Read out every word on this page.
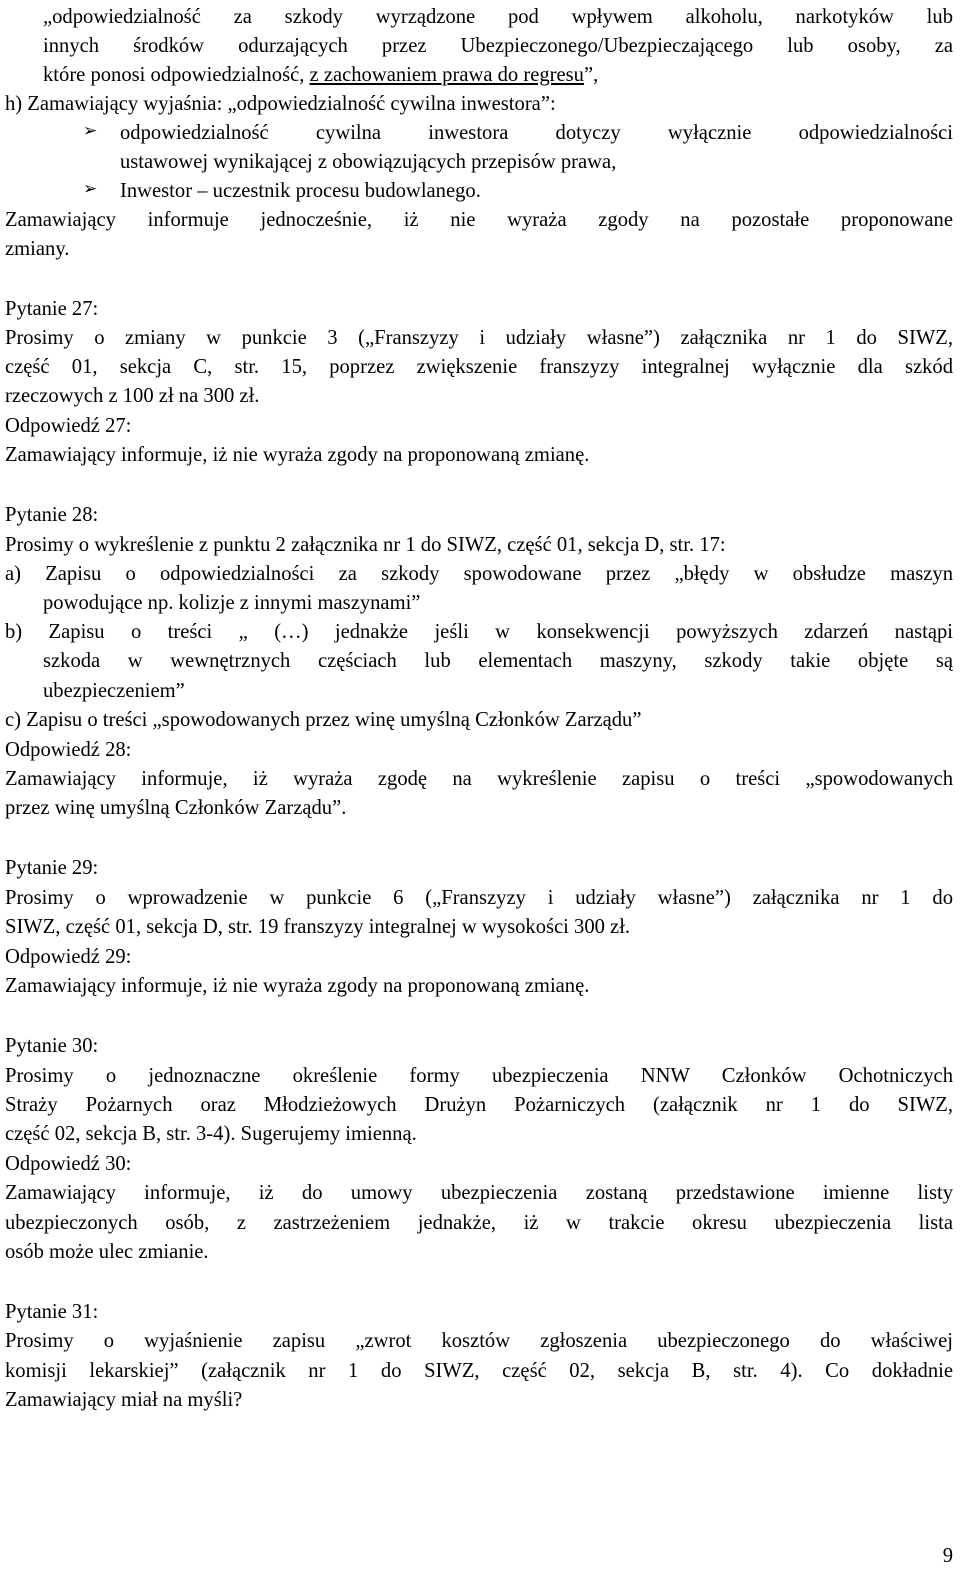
„odpowiedzialność za szkody wyrządzone pod wpływem alkoholu, narkotyków lub
innych środków odurzających przez Ubezpieczonego/Ubezpieczającego lub osoby, za
które ponosi odpowiedzialność, z zachowaniem prawa do regresu”,
h) Zamawiający wyjaśnia: „odpowiedzialność cywilna inwestora”:
➢	odpowiedzialność cywilna inwestora dotyczy wyłącznie odpowiedzialności
ustawowej wynikającej z obowiązujących przepisów prawa,
➢	Inwestor – uczestnik procesu budowlanego.
Zamawiający informuje jednocześnie, iż nie wyraża zgody na pozostałe proponowane
zmiany.
Pytanie 27:
Prosimy o zmiany w punkcie 3 („Franszyzy i udziały własne”) załącznika nr 1 do SIWZ,
część 01, sekcja C, str. 15, poprzez zwiększenie franszyzy integralnej wyłącznie dla szkód
rzeczowych z 100 zł na 300 zł.
Odpowiedź 27:
Zamawiający informuje, iż nie wyraża zgody na proponowaną zmianę.
Pytanie 28:
Prosimy o wykreślenie z punktu 2 załącznika nr 1 do SIWZ, część 01, sekcja D, str. 17:
a) Zapisu o odpowiedzialności za szkody spowodowane przez „błędy w obsłudze maszyn
powodujące np. kolizje z innymi maszynami”
b) Zapisu o treści „ (…) jednakże jeśli w konsekwencji powyższych zdarzeń nastąpi
szkoda w wewnętrznych częściach lub elementach maszyny, szkody takie objęte są
ubezpieczeniem”
c) Zapisu o treści „spowodowanych przez winę umyślną Członków Zarządu”
Odpowiedź 28:
Zamawiający informuje, iż wyraża zgodę na wykreślenie zapisu o treści „spowodowanych
przez winę umyślną Członków Zarządu”.
Pytanie 29:
Prosimy o wprowadzenie w punkcie 6 („Franszyzy i udziały własne”) załącznika nr 1 do
SIWZ, część 01, sekcja D, str. 19 franszyzy integralnej w wysokości 300 zł.
Odpowiedź 29:
Zamawiający informuje, iż nie wyraża zgody na proponowaną zmianę.
Pytanie 30:
Prosimy o jednoznaczne określenie formy ubezpieczenia NNW Członków Ochotniczych
Straży Pożarnych oraz Młodzieżowych Drużyn Pożarniczych (załącznik nr 1 do SIWZ,
część 02, sekcja B, str. 3-4). Sugerujemy imienną.
Odpowiedź 30:
Zamawiający informuje, iż do umowy ubezpieczenia zostaną przedstawione imienne listy
ubezpieczonych osób, z zastrzeżeniem jednakże, iż w trakcie okresu ubezpieczenia lista
osób może ulec zmianie.
Pytanie 31:
Prosimy o wyjaśnienie zapisu „zwrot kosztów zgłoszenia ubezpieczonego do właściwej
komisji lekarskiej” (załącznik nr 1 do SIWZ, część 02, sekcja B, str. 4). Co dokładnie
Zamawiający miał na myśli?
9
